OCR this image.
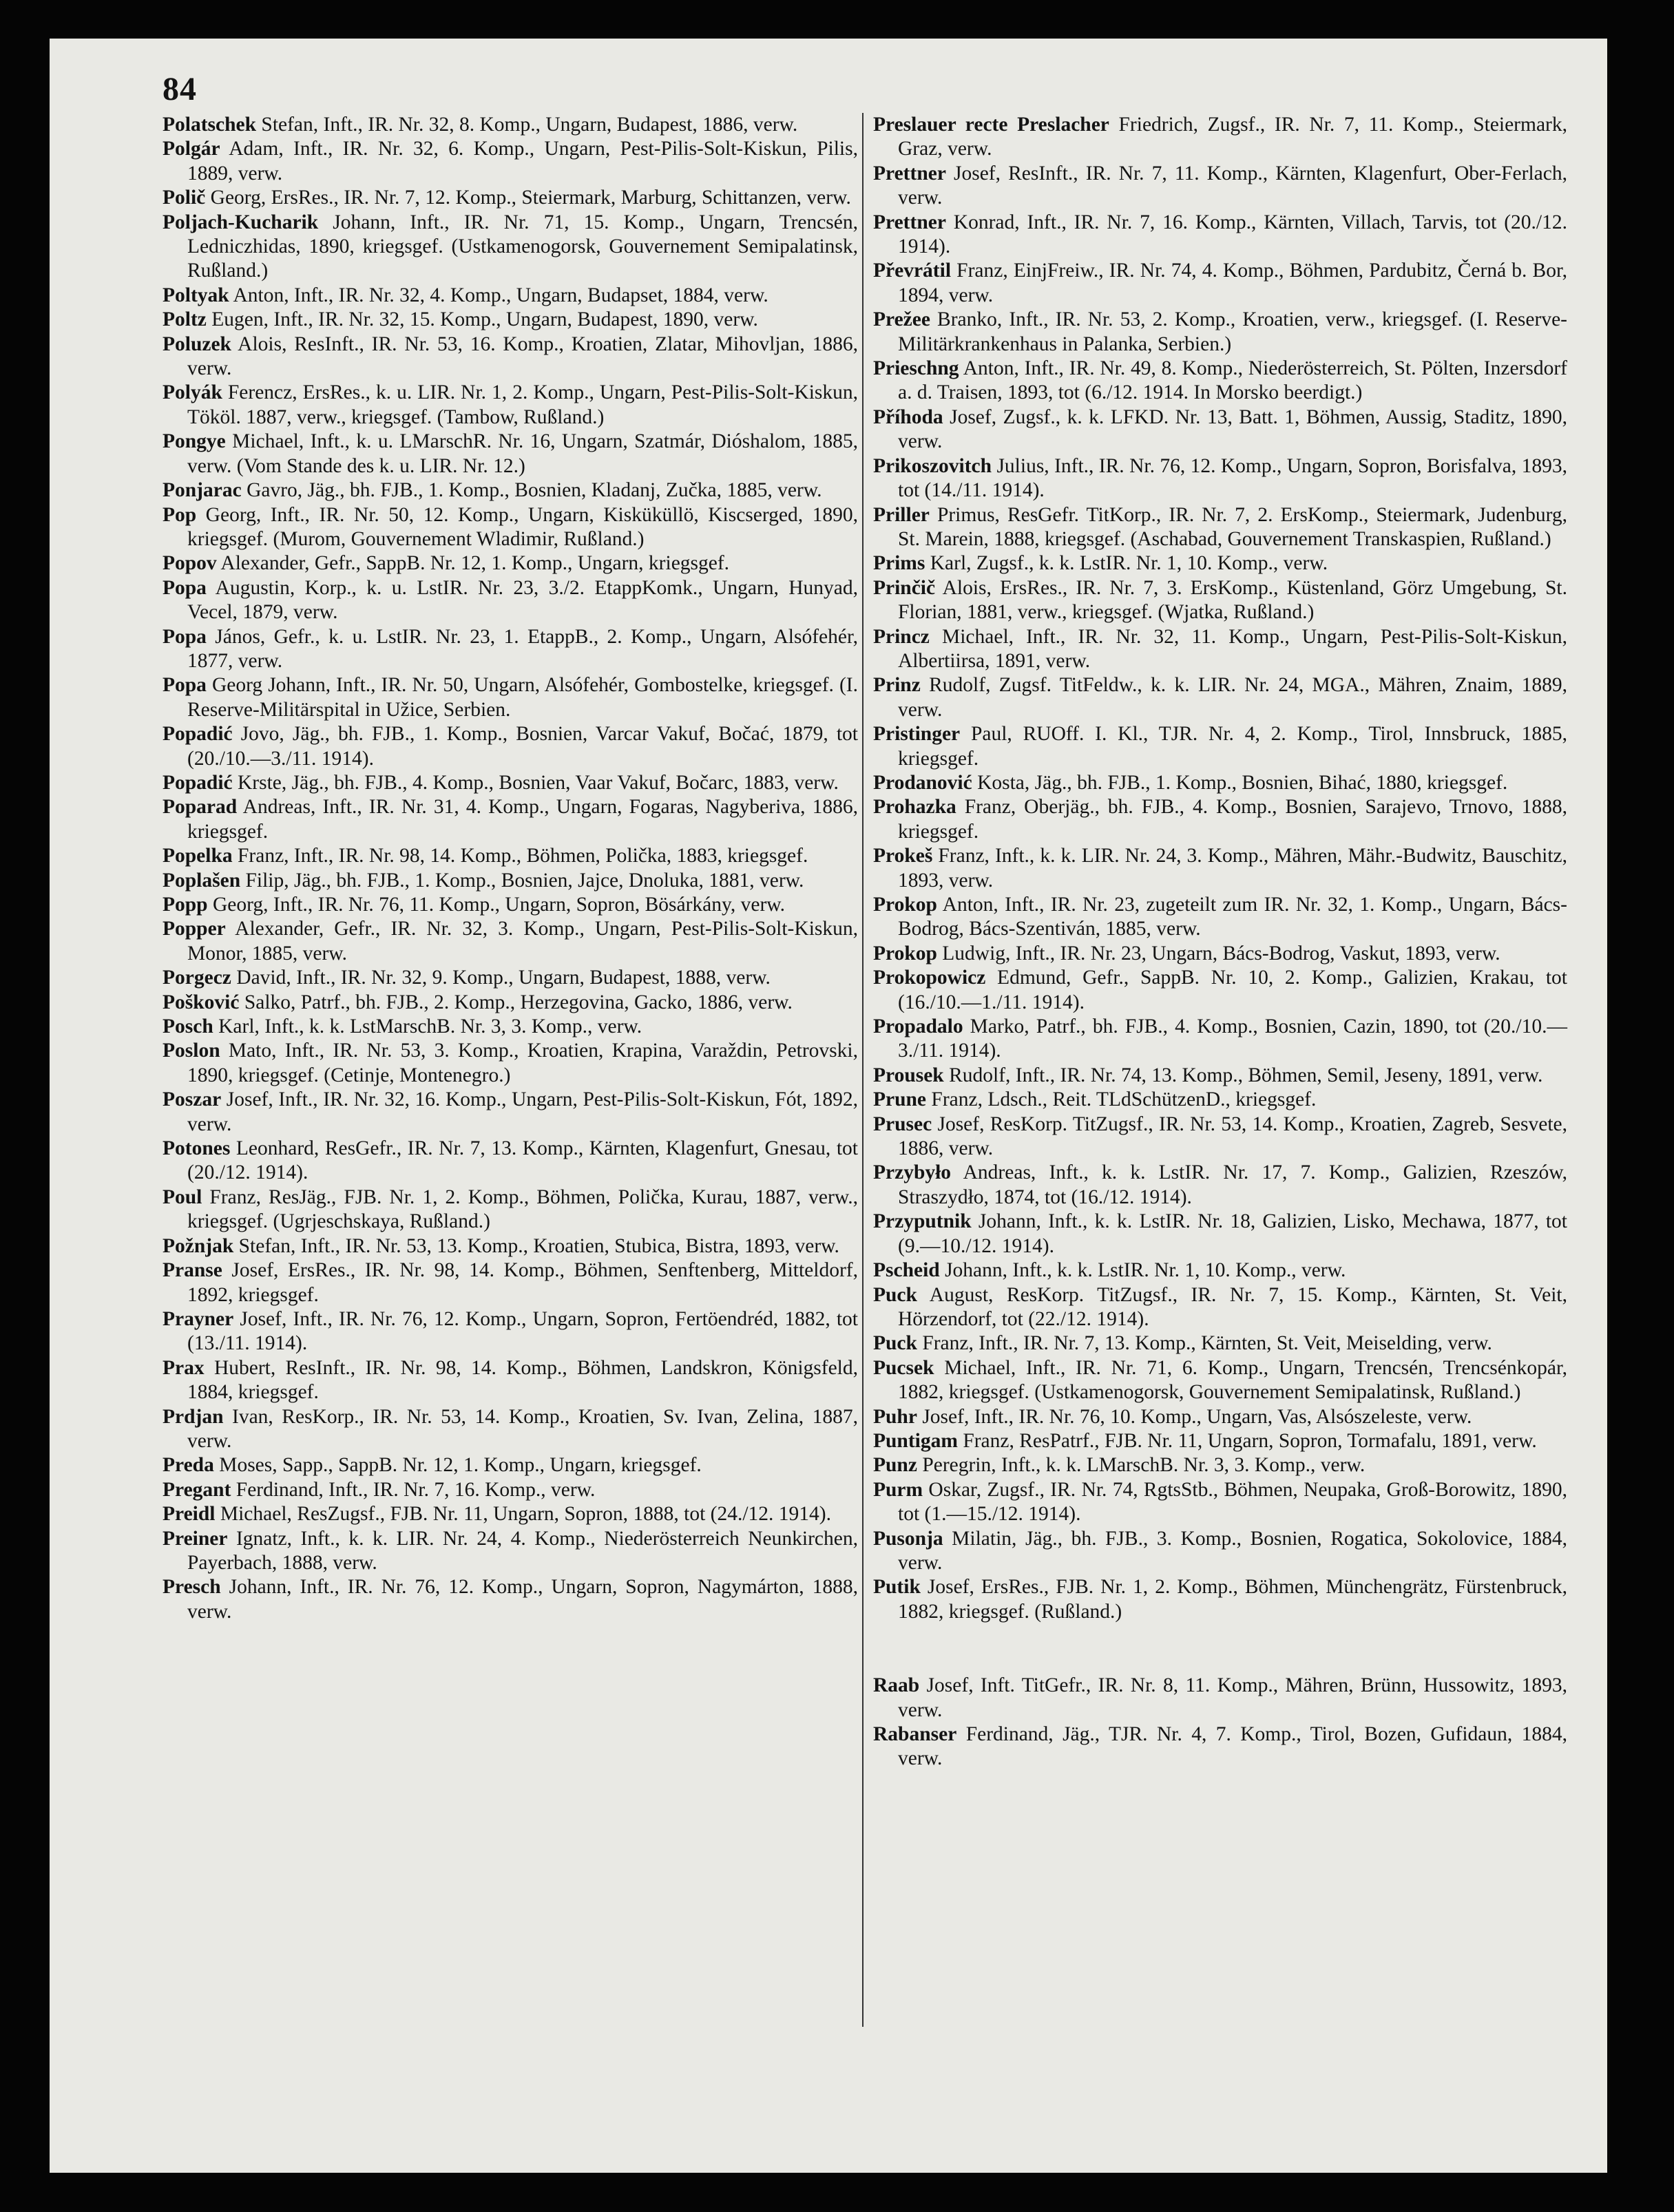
84

Polatschek Stefan, Inft., IR. Nr. 32, 8. Komp., Ungarn, Budapest, 1886, verw.

Polgár Adam, Inft., IR. Nr. 32, 6. Komp., Ungarn, Pest-Pilis-Solt-Kiskun, Pilis, 1889, verw.

Polič Georg, ErsRes., IR. Nr. 7, 12. Komp., Steiermark, Marburg, Schittanzen, verw.

Poljach-Kucharik Johann, Inft., IR. Nr. 71, 15. Komp., Ungarn, Trencsén, Ledniczhidas, 1890, kriegsgef. (Ustkamenogorsk, Gouvernement Semipalatinsk, Rußland.)

Poltyak Anton, Inft., IR. Nr. 32, 4. Komp., Ungarn, Budapset, 1884, verw.

Poltz Eugen, Inft., IR. Nr. 32, 15. Komp., Ungarn, Budapest, 1890, verw.

Poluzek Alois, ResInft., IR. Nr. 53, 16. Komp., Kroatien, Zlatar, Mihovljan, 1886, verw.

Polyák Ferencz, ErsRes., k. u. LIR. Nr. 1, 2. Komp., Ungarn, Pest-Pilis-Solt-Kiskun, Tököl. 1887, verw., kriegsgef. (Tambow, Rußland.)

Pongye Michael, Inft., k. u. LMarschR. Nr. 16, Ungarn, Szatmár, Dióshalom, 1885, verw. (Vom Stande des k. u. LIR. Nr. 12.)

Ponjarac Gavro, Jäg., bh. FJB., 1. Komp., Bosnien, Kladanj, Zučka, 1885, verw.

Pop Georg, Inft., IR. Nr. 50, 12. Komp., Ungarn, Kisküküllö, Kiscserged, 1890, kriegsgef. (Murom, Gouvernement Wladimir, Rußland.)

Popov Alexander, Gefr., SappB. Nr. 12, 1. Komp., Ungarn, kriegsgef.

Popa Augustin, Korp., k. u. LstIR. Nr. 23, 3./2. EtappKomk., Ungarn, Hunyad, Vecel, 1879, verw.

Popa János, Gefr., k. u. LstIR. Nr. 23, 1. EtappB., 2. Komp., Ungarn, Alsófehér, 1877, verw.

Popa Georg Johann, Inft., IR. Nr. 50, Ungarn, Alsófehér, Gombostelke, kriegsgef. (I. Reserve-Militärspital in Užice, Serbien.

Popadić Jovo, Jäg., bh. FJB., 1. Komp., Bosnien, Varcar Vakuf, Bočać, 1879, tot (20./10.—3./11. 1914).

Popadić Krste, Jäg., bh. FJB., 4. Komp., Bosnien, Vaar Vakuf, Bočarc, 1883, verw.

Poparad Andreas, Inft., IR. Nr. 31, 4. Komp., Ungarn, Fogaras, Nagyberiva, 1886, kriegsgef.

Popelka Franz, Inft., IR. Nr. 98, 14. Komp., Böhmen, Polička, 1883, kriegsgef.

Poplašen Filip, Jäg., bh. FJB., 1. Komp., Bosnien, Jajce, Dnoluka, 1881, verw.

Popp Georg, Inft., IR. Nr. 76, 11. Komp., Ungarn, Sopron, Bösárkány, verw.

Popper Alexander, Gefr., IR. Nr. 32, 3. Komp., Ungarn, Pest-Pilis-Solt-Kiskun, Monor, 1885, verw.

Porgecz David, Inft., IR. Nr. 32, 9. Komp., Ungarn, Budapest, 1888, verw.

Pošković Salko, Patrf., bh. FJB., 2. Komp., Herzegovina, Gacko, 1886, verw.

Posch Karl, Inft., k. k. LstMarschB. Nr. 3, 3. Komp., verw.

Poslon Mato, Inft., IR. Nr. 53, 3. Komp., Kroatien, Krapina, Varaždin, Petrovski, 1890, kriegsgef. (Cetinje, Montenegro.)

Poszar Josef, Inft., IR. Nr. 32, 16. Komp., Ungarn, Pest-Pilis-Solt-Kiskun, Fót, 1892, verw.

Potones Leonhard, ResGefr., IR. Nr. 7, 13. Komp., Kärnten, Klagenfurt, Gnesau, tot (20./12. 1914).

Poul Franz, ResJäg., FJB. Nr. 1, 2. Komp., Böhmen, Polička, Kurau, 1887, verw., kriegsgef. (Ugrjeschskaya, Rußland.)

Požnjak Stefan, Inft., IR. Nr. 53, 13. Komp., Kroatien, Stubica, Bistra, 1893, verw.

Pranse Josef, ErsRes., IR. Nr. 98, 14. Komp., Böhmen, Senftenberg, Mitteldorf, 1892, kriegsgef.

Prayner Josef, Inft., IR. Nr. 76, 12. Komp., Ungarn, Sopron, Fertöendréd, 1882, tot (13./11. 1914).

Prax Hubert, ResInft., IR. Nr. 98, 14. Komp., Böhmen, Landskron, Königsfeld, 1884, kriegsgef.

Prdjan Ivan, ResKorp., IR. Nr. 53, 14. Komp., Kroatien, Sv. Ivan, Zelina, 1887, verw.

Preda Moses, Sapp., SappB. Nr. 12, 1. Komp., Ungarn, kriegsgef.

Pregant Ferdinand, Inft., IR. Nr. 7, 16. Komp., verw.

Preidl Michael, ResZugsf., FJB. Nr. 11, Ungarn, Sopron, 1888, tot (24./12. 1914).

Preiner Ignatz, Inft., k. k. LIR. Nr. 24, 4. Komp., Niederösterreich Neunkirchen, Payerbach, 1888, verw.

Presch Johann, Inft., IR. Nr. 76, 12. Komp., Ungarn, Sopron, Nagymárton, 1888, verw.

Preslauer recte Preslacher Friedrich, Zugsf., IR. Nr. 7, 11. Komp., Steiermark, Graz, verw.

Prettner Josef, ResInft., IR. Nr. 7, 11. Komp., Kärnten, Klagenfurt, Ober-Ferlach, verw.

Prettner Konrad, Inft., IR. Nr. 7, 16. Komp., Kärnten, Villach, Tarvis, tot (20./12. 1914).

Převrátil Franz, EinjFreiw., IR. Nr. 74, 4. Komp., Böhmen, Pardubitz, Černá b. Bor, 1894, verw.

Prežee Branko, Inft., IR. Nr. 53, 2. Komp., Kroatien, verw., kriegsgef. (I. Reserve-Militärkrankenhaus in Palanka, Serbien.)

Prieschng Anton, Inft., IR. Nr. 49, 8. Komp., Niederösterreich, St. Pölten, Inzersdorf a. d. Traisen, 1893, tot (6./12. 1914. In Morsko beerdigt.)

Příhoda Josef, Zugsf., k. k. LFKD. Nr. 13, Batt. 1, Böhmen, Aussig, Staditz, 1890, verw.

Prikoszovitch Julius, Inft., IR. Nr. 76, 12. Komp., Ungarn, Sopron, Borisfalva, 1893, tot (14./11. 1914).

Priller Primus, ResGefr. TitKorp., IR. Nr. 7, 2. ErsKomp., Steiermark, Judenburg, St. Marein, 1888, kriegsgef. (Aschabad, Gouvernement Transkaspien, Rußland.)

Prims Karl, Zugsf., k. k. LstIR. Nr. 1, 10. Komp., verw.

Prinčič Alois, ErsRes., IR. Nr. 7, 3. ErsKomp., Küstenland, Görz Umgebung, St. Florian, 1881, verw., kriegsgef. (Wjatka, Rußland.)

Princz Michael, Inft., IR. Nr. 32, 11. Komp., Ungarn, Pest-Pilis-Solt-Kiskun, Albertiirsa, 1891, verw.

Prinz Rudolf, Zugsf. TitFeldw., k. k. LIR. Nr. 24, MGA., Mähren, Znaim, 1889, verw.

Pristinger Paul, RUOff. I. Kl., TJR. Nr. 4, 2. Komp., Tirol, Innsbruck, 1885, kriegsgef.

Prodanović Kosta, Jäg., bh. FJB., 1. Komp., Bosnien, Bihać, 1880, kriegsgef.

Prohazka Franz, Oberjäg., bh. FJB., 4. Komp., Bosnien, Sarajevo, Trnovo, 1888, kriegsgef.

Prokeš Franz, Inft., k. k. LIR. Nr. 24, 3. Komp., Mähren, Mähr.-Budwitz, Bauschitz, 1893, verw.

Prokop Anton, Inft., IR. Nr. 23, zugeteilt zum IR. Nr. 32, 1. Komp., Ungarn, Bács-Bodrog, Bács-Szentiván, 1885, verw.

Prokop Ludwig, Inft., IR. Nr. 23, Ungarn, Bács-Bodrog, Vaskut, 1893, verw.

Prokopowicz Edmund, Gefr., SappB. Nr. 10, 2. Komp., Galizien, Krakau, tot (16./10.—1./11. 1914).

Propadalo Marko, Patrf., bh. FJB., 4. Komp., Bosnien, Cazin, 1890, tot (20./10.—3./11. 1914).

Prousek Rudolf, Inft., IR. Nr. 74, 13. Komp., Böhmen, Semil, Jeseny, 1891, verw.

Prune Franz, Ldsch., Reit. TLdSchützenD., kriegsgef.

Prusec Josef, ResKorp. TitZugsf., IR. Nr. 53, 14. Komp., Kroatien, Zagreb, Sesvete, 1886, verw.

Przybyło Andreas, Inft., k. k. LstIR. Nr. 17, 7. Komp., Galizien, Rzeszów, Straszydło, 1874, tot (16./12. 1914).

Przyputnik Johann, Inft., k. k. LstIR. Nr. 18, Galizien, Lisko, Mechawa, 1877, tot (9.—10./12. 1914).

Pscheid Johann, Inft., k. k. LstIR. Nr. 1, 10. Komp., verw.

Puck August, ResKorp. TitZugsf., IR. Nr. 7, 15. Komp., Kärnten, St. Veit, Hörzendorf, tot (22./12. 1914).

Puck Franz, Inft., IR. Nr. 7, 13. Komp., Kärnten, St. Veit, Meiselding, verw.

Pucsek Michael, Inft., IR. Nr. 71, 6. Komp., Ungarn, Trencsén, Trencsénkopár, 1882, kriegsgef. (Ustkamenogorsk, Gouvernement Semipalatinsk, Rußland.)

Puhr Josef, Inft., IR. Nr. 76, 10. Komp., Ungarn, Vas, Alsószeleste, verw.

Puntigam Franz, ResPatrf., FJB. Nr. 11, Ungarn, Sopron, Tormafalu, 1891, verw.

Punz Peregrin, Inft., k. k. LMarschB. Nr. 3, 3. Komp., verw.

Purm Oskar, Zugsf., IR. Nr. 74, RgtsStb., Böhmen, Neupaka, Groß-Borowitz, 1890, tot (1.—15./12. 1914).

Pusonja Milatin, Jäg., bh. FJB., 3. Komp., Bosnien, Rogatica, Sokolovice, 1884, verw.

Putik Josef, ErsRes., FJB. Nr. 1, 2. Komp., Böhmen, Münchengrätz, Fürstenbruck, 1882, kriegsgef. (Rußland.)

Raab Josef, Inft. TitGefr., IR. Nr. 8, 11. Komp., Mähren, Brünn, Hussowitz, 1893, verw.

Rabanser Ferdinand, Jäg., TJR. Nr. 4, 7. Komp., Tirol, Bozen, Gufidaun, 1884, verw.
